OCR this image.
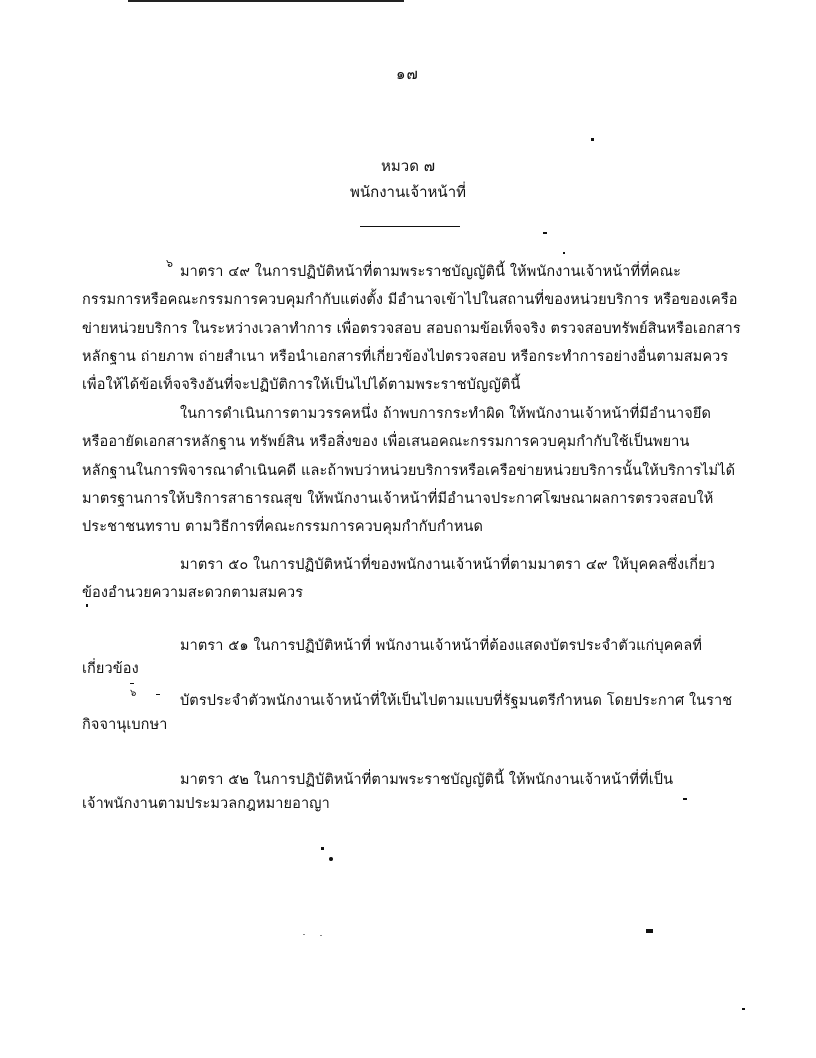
๑๗
หมวด ๗
พนักงานเจ้าหน้าที่
๖
มาตรา ๔๙ ในการปฏิบัติหน้าที่ตามพระราชบัญญัตินี้ ให้พนักงานเจ้าหน้าที่ที่คณะ
กรรมการหรือคณะกรรมการควบคุมกำกับแต่งตั้ง มีอำนาจเข้าไปในสถานที่ของหน่วยบริการ หรือของเครือ
ข่ายหน่วยบริการ ในระหว่างเวลาทำการ เพื่อตรวจสอบ สอบถามข้อเท็จจริง ตรวจสอบทรัพย์สินหรือเอกสาร
หลักฐาน ถ่ายภาพ ถ่ายสำเนา หรือนำเอกสารที่เกี่ยวข้องไปตรวจสอบ หรือกระทำการอย่างอื่นตามสมควร
เพื่อให้ได้ข้อเท็จจริงอันที่จะปฏิบัติการให้เป็นไปได้ตามพระราชบัญญัตินี้
ในการดำเนินการตามวรรคหนึ่ง ถ้าพบการกระทำผิด ให้พนักงานเจ้าหน้าที่มีอำนาจยึด
หรืออายัดเอกสารหลักฐาน ทรัพย์สิน หรือสิ่งของ เพื่อเสนอคณะกรรมการควบคุมกำกับใช้เป็นพยาน
หลักฐานในการพิจารณาดำเนินคดี และถ้าพบว่าหน่วยบริการหรือเครือข่ายหน่วยบริการนั้นให้บริการไม่ได้
มาตรฐานการให้บริการสาธารณสุข ให้พนักงานเจ้าหน้าที่มีอำนาจประกาศโฆษณาผลการตรวจสอบให้
ประชาชนทราบ ตามวิธีการที่คณะกรรมการควบคุมกำกับกำหนด
มาตรา ๕๐ ในการปฏิบัติหน้าที่ของพนักงานเจ้าหน้าที่ตามมาตรา ๔๙ ให้บุคคลซึ่งเกี่ยว
ข้องอำนวยความสะดวกตามสมควร
มาตรา ๕๑ ในการปฏิบัติหน้าที่ พนักงานเจ้าหน้าที่ต้องแสดงบัตรประจำตัวแก่บุคคลที่
เกี่ยวข้อง
๖	บัตรประจำตัวพนักงานเจ้าหน้าที่ให้เป็นไปตามแบบที่รัฐมนตรีกำหนด โดยประกาศ ในราช
กิจจานุเบกษา
มาตรา ๕๒ ในการปฏิบัติหน้าที่ตามพระราชบัญญัตินี้ ให้พนักงานเจ้าหน้าที่ที่เป็น
เจ้าพนักงานตามประมวลกฎหมายอาญา
